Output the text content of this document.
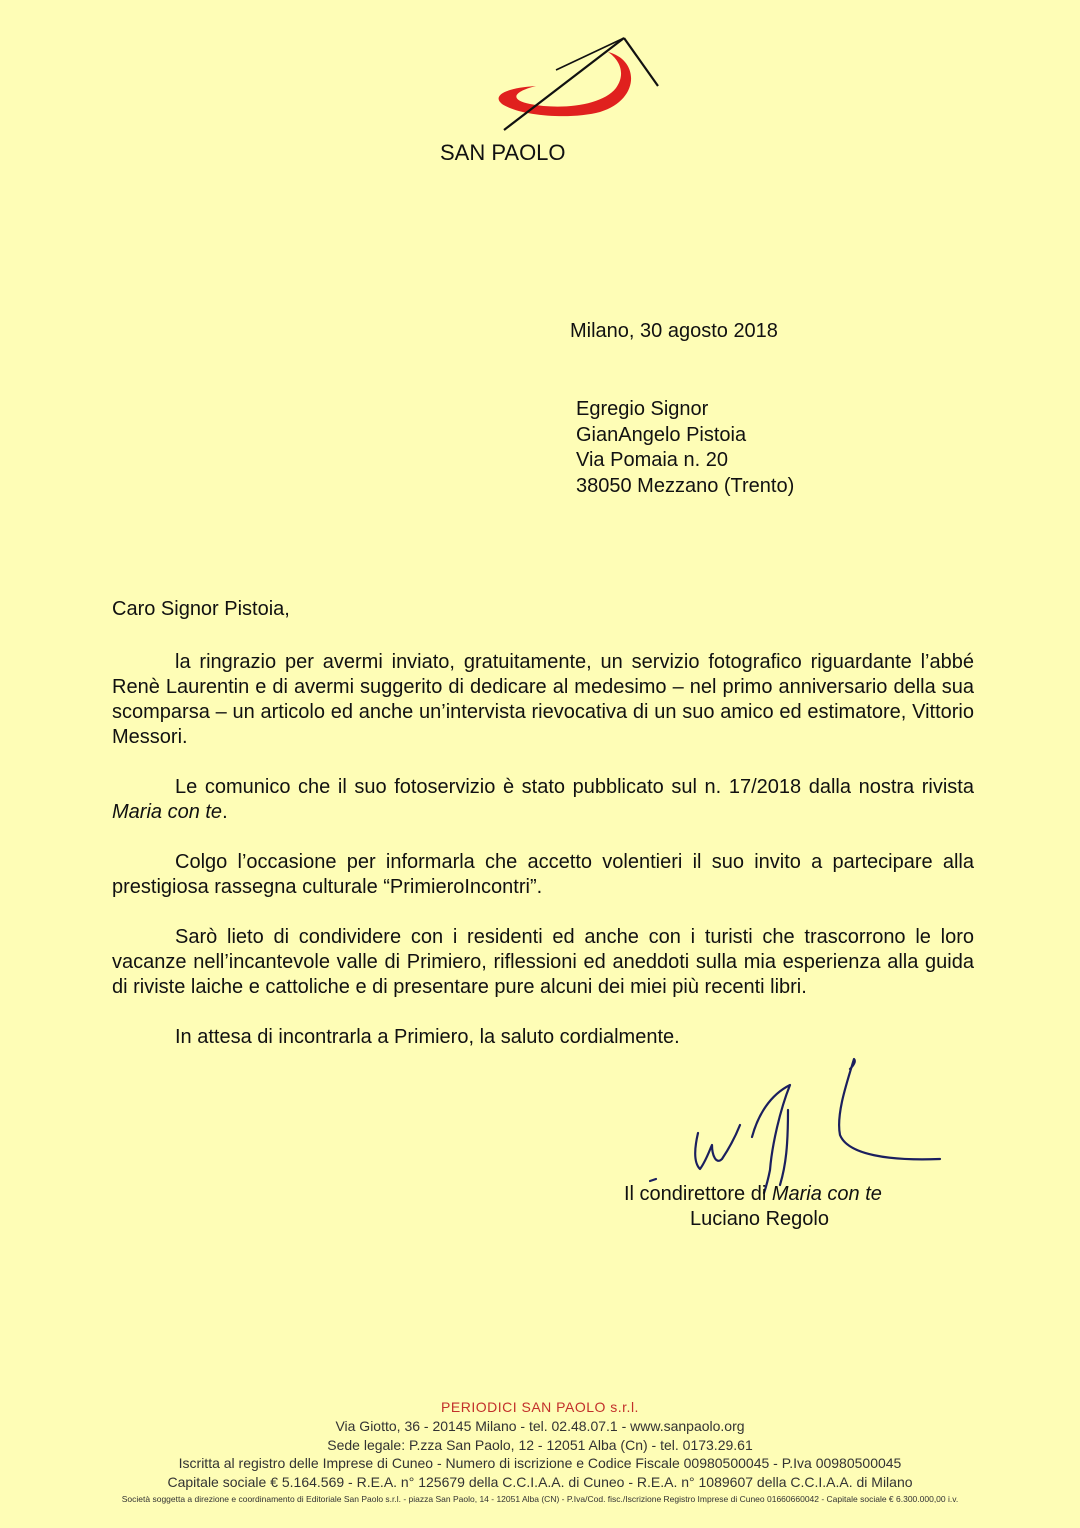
SAN PAOLO
Milano, 30 agosto 2018
Egregio Signor
GianAngelo Pistoia
Via Pomaia n. 20
38050 Mezzano (Trento)
Caro Signor Pistoia,

la ringrazio per avermi inviato, gratuitamente, un servizio fotografico riguardante l’abbé Renè Laurentin e di avermi suggerito di dedicare al medesimo – nel primo anniversario della sua scomparsa – un articolo ed anche un’intervista rievocativa di un suo amico ed estimatore, Vittorio Messori.

Le comunico che il suo fotoservizio è stato pubblicato sul n. 17/2018 dalla nostra rivista Maria con te.

Colgo l’occasione per informarla che accetto volentieri il suo invito a partecipare alla prestigiosa rassegna culturale “PrimieroIncontri”.

Sarò lieto di condividere con i residenti ed anche con i turisti che trascorrono le loro vacanze nell’incantevole valle di Primiero, riflessioni ed aneddoti sulla mia esperienza alla guida di riviste laiche e cattoliche e di presentare pure alcuni dei miei più recenti libri.

In attesa di incontrarla a Primiero, la saluto cordialmente.

Il condirettore di Maria con te
Luciano Regolo
PERIODICI SAN PAOLO s.r.l.
Via Giotto, 36 - 20145 Milano - tel. 02.48.07.1 - www.sanpaolo.org
Sede legale: P.zza San Paolo, 12 - 12051 Alba (Cn) - tel. 0173.29.61
Iscritta al registro delle Imprese di Cuneo - Numero di iscrizione e Codice Fiscale 00980500045 - P.Iva 00980500045
Capitale sociale € 5.164.569 - R.E.A. n° 125679 della C.C.I.A.A. di Cuneo - R.E.A. n° 1089607 della C.C.I.A.A. di Milano
Società soggetta a direzione e coordinamento di Editoriale San Paolo s.r.l. - piazza San Paolo, 14 - 12051 Alba (CN) - P.Iva/Cod. fisc./Iscrizione Registro Imprese di Cuneo 01660660042 - Capitale sociale € 6.300.000,00 i.v.
